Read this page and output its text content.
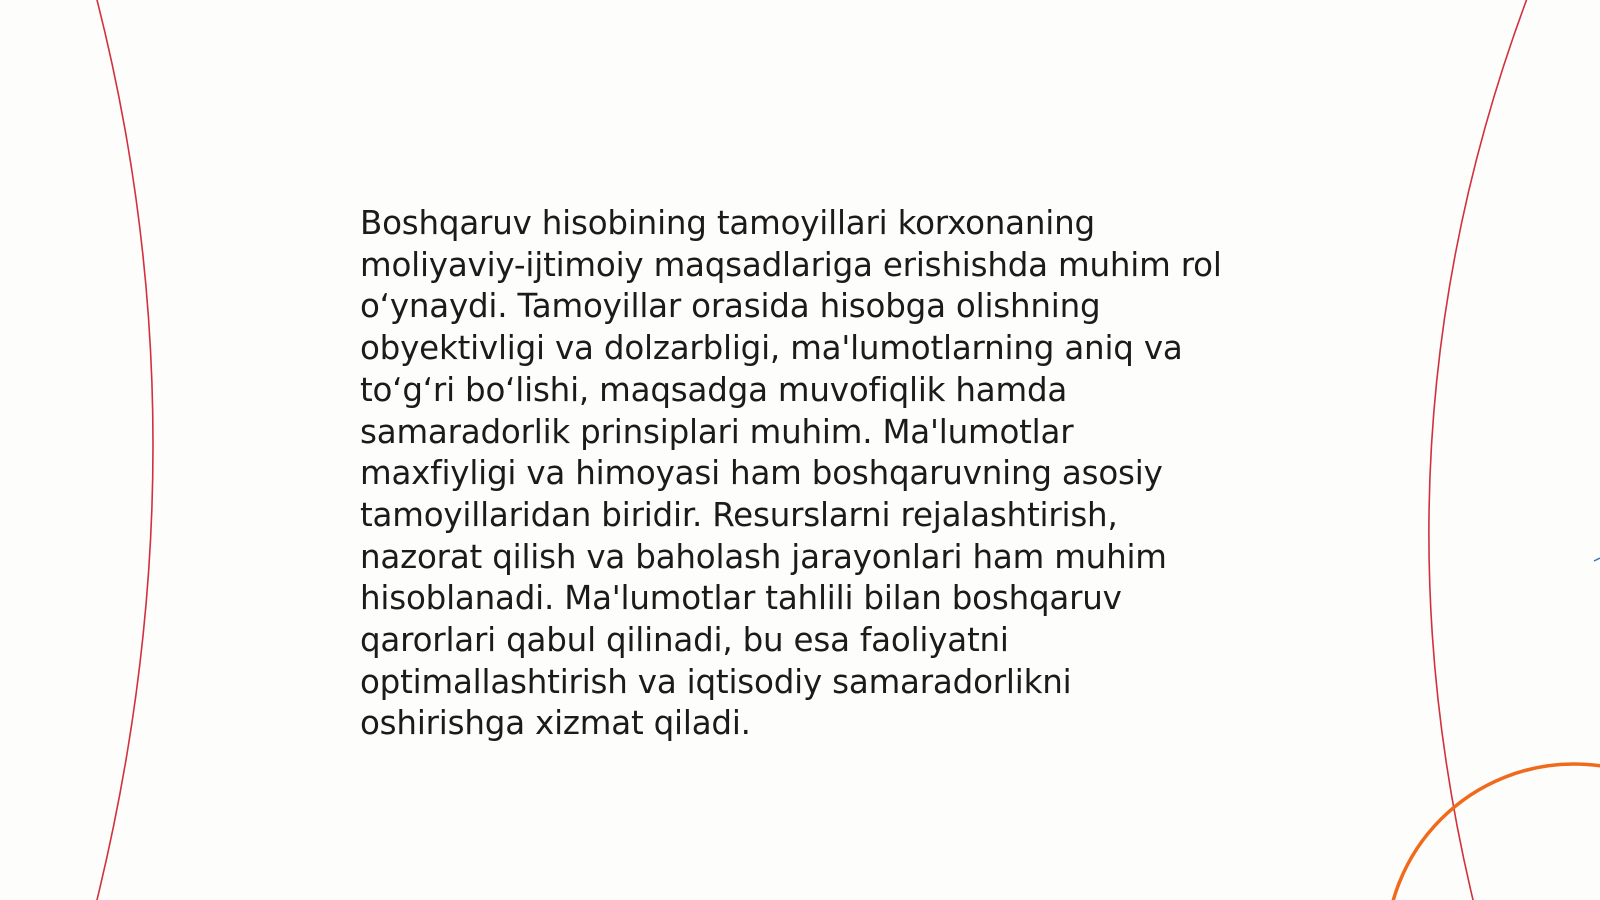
Boshqaruv hisobining tamoyillari korxonaning
moliyaviy-ijtimoiy maqsadlariga erishishda muhim rol
o‘ynaydi. Tamoyillar orasida hisobga olishning
obyektivligi va dolzarbligi, ma'lumotlarning aniq va
to‘g‘ri bo‘lishi, maqsadga muvofiqlik hamda
samaradorlik prinsiplari muhim. Ma'lumotlar
maxfiyligi va himoyasi ham boshqaruvning asosiy
tamoyillaridan biridir. Resurslarni rejalashtirish,
nazorat qilish va baholash jarayonlari ham muhim
hisoblanadi. Ma'lumotlar tahlili bilan boshqaruv
qarorlari qabul qilinadi, bu esa faoliyatni
optimallashtirish va iqtisodiy samaradorlikni
oshirishga xizmat qiladi.
